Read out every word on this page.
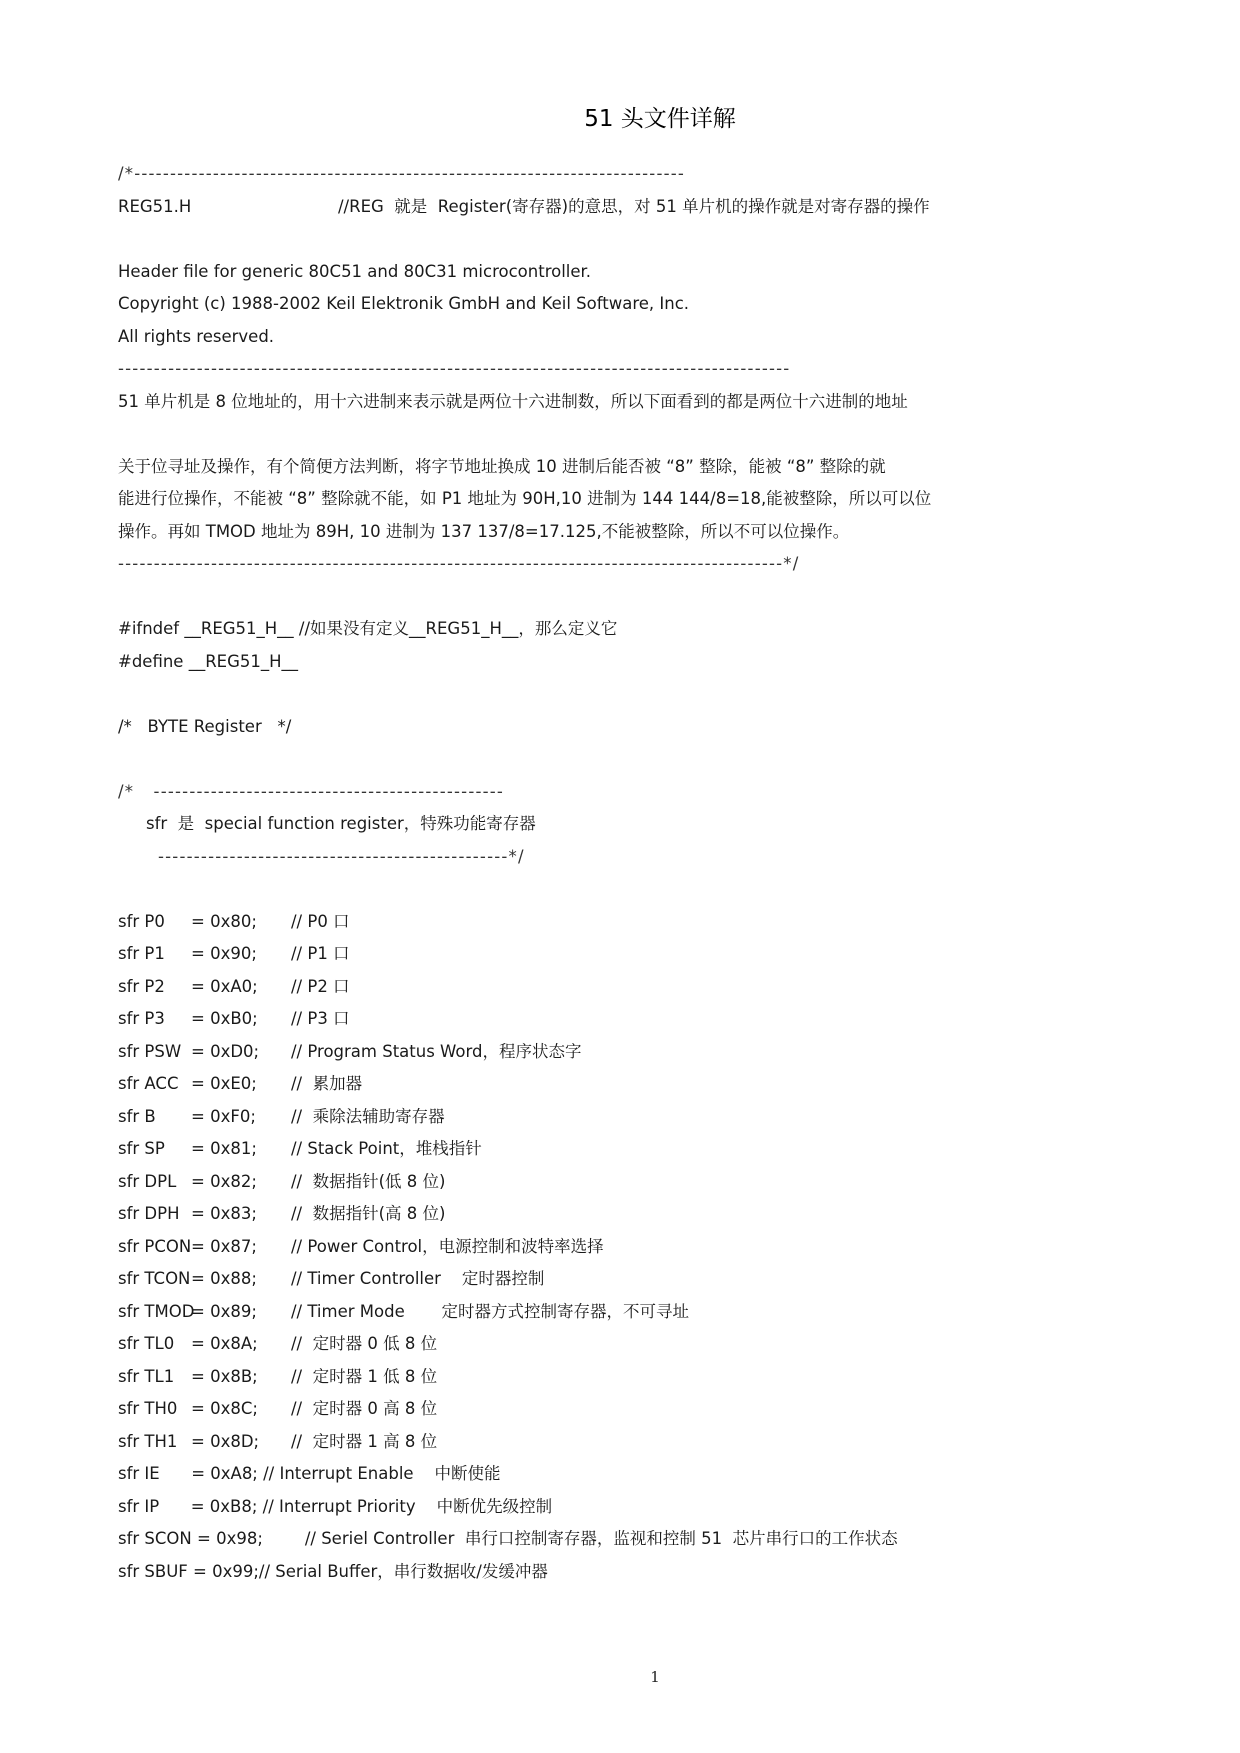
51 头文件详解
/*-----------------------------------------------------------------------------
REG51.H	//REG  就是  Register(寄存器)的意思，对 51 单片机的操作就是对寄存器的操作
Header file for generic 80C51 and 80C31 microcontroller.
Copyright (c) 1988-2002 Keil Elektronik GmbH and Keil Software, Inc.
All rights reserved.
----------------------------------------------------------------------------------------------
51 单片机是 8 位地址的，用十六进制来表示就是两位十六进制数，所以下面看到的都是两位十六进制的地址
关于位寻址及操作，有个简便方法判断，将字节地址换成 10 进制后能否被 “8” 整除，能被 “8” 整除的就
能进行位操作，不能被 “8” 整除就不能，如 P1 地址为 90H,10 进制为 144 144/8=18,能被整除，所以可以位
操作。再如 TMOD 地址为 89H, 10 进制为 137 137/8=17.125,不能被整除，所以不可以位操作。
---------------------------------------------------------------------------------------------*/
#ifndef __REG51_H__ //如果没有定义__REG51_H__，那么定义它
#define __REG51_H__
/*   BYTE Register   */
/*   -------------------------------------------------
sfr  是  special function register，特殊功能寄存器
-------------------------------------------------*/
sfr P0 = 0x80; // P0 口
sfr P1 = 0x90; // P1 口
sfr P2 = 0xA0; // P2 口
sfr P3 = 0xB0; // P3 口
sfr PSW = 0xD0; // Program Status Word，程序状态字
sfr ACC = 0xE0; //  累加器
sfr B = 0xF0; //  乘除法辅助寄存器
sfr SP = 0x81; // Stack Point，堆栈指针
sfr DPL = 0x82; //  数据指针(低 8 位)
sfr DPH = 0x83; //  数据指针(高 8 位)
sfr PCON= 0x87; // Power Control，电源控制和波特率选择
sfr TCON= 0x88; // Timer Controller    定时器控制
sfr TMOD= 0x89; // Timer Mode       定时器方式控制寄存器，不可寻址
sfr TL0 = 0x8A; //  定时器 0 低 8 位
sfr TL1 = 0x8B; //  定时器 1 低 8 位
sfr TH0 = 0x8C; //  定时器 0 高 8 位
sfr TH1 = 0x8D; //  定时器 1 高 8 位
sfr IE      = 0xA8; // Interrupt Enable    中断使能
sfr IP      = 0xB8; // Interrupt Priority    中断优先级控制
sfr SCON = 0x98;        // Seriel Controller  串行口控制寄存器，监视和控制 51  芯片串行口的工作状态
sfr SBUF = 0x99;// Serial Buffer，串行数据收/发缓冲器
1
